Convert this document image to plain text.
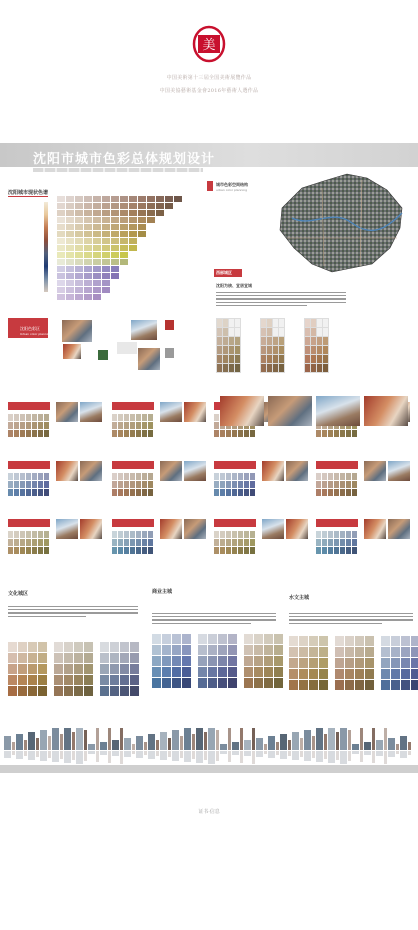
美
中国美術第十三屆全国美術展覽作品
中国美協藝術基金會2016年藝術人選作品
沈阳市城市色彩总体规划设计
沈阳城市现状色谱
城市色彩空间结构
urban color planning
西部城区
沈阳为核、宜居宜城
沈阳色彩区
Urban color planning
文化城区	商业主城
水文主城
证书·信息
